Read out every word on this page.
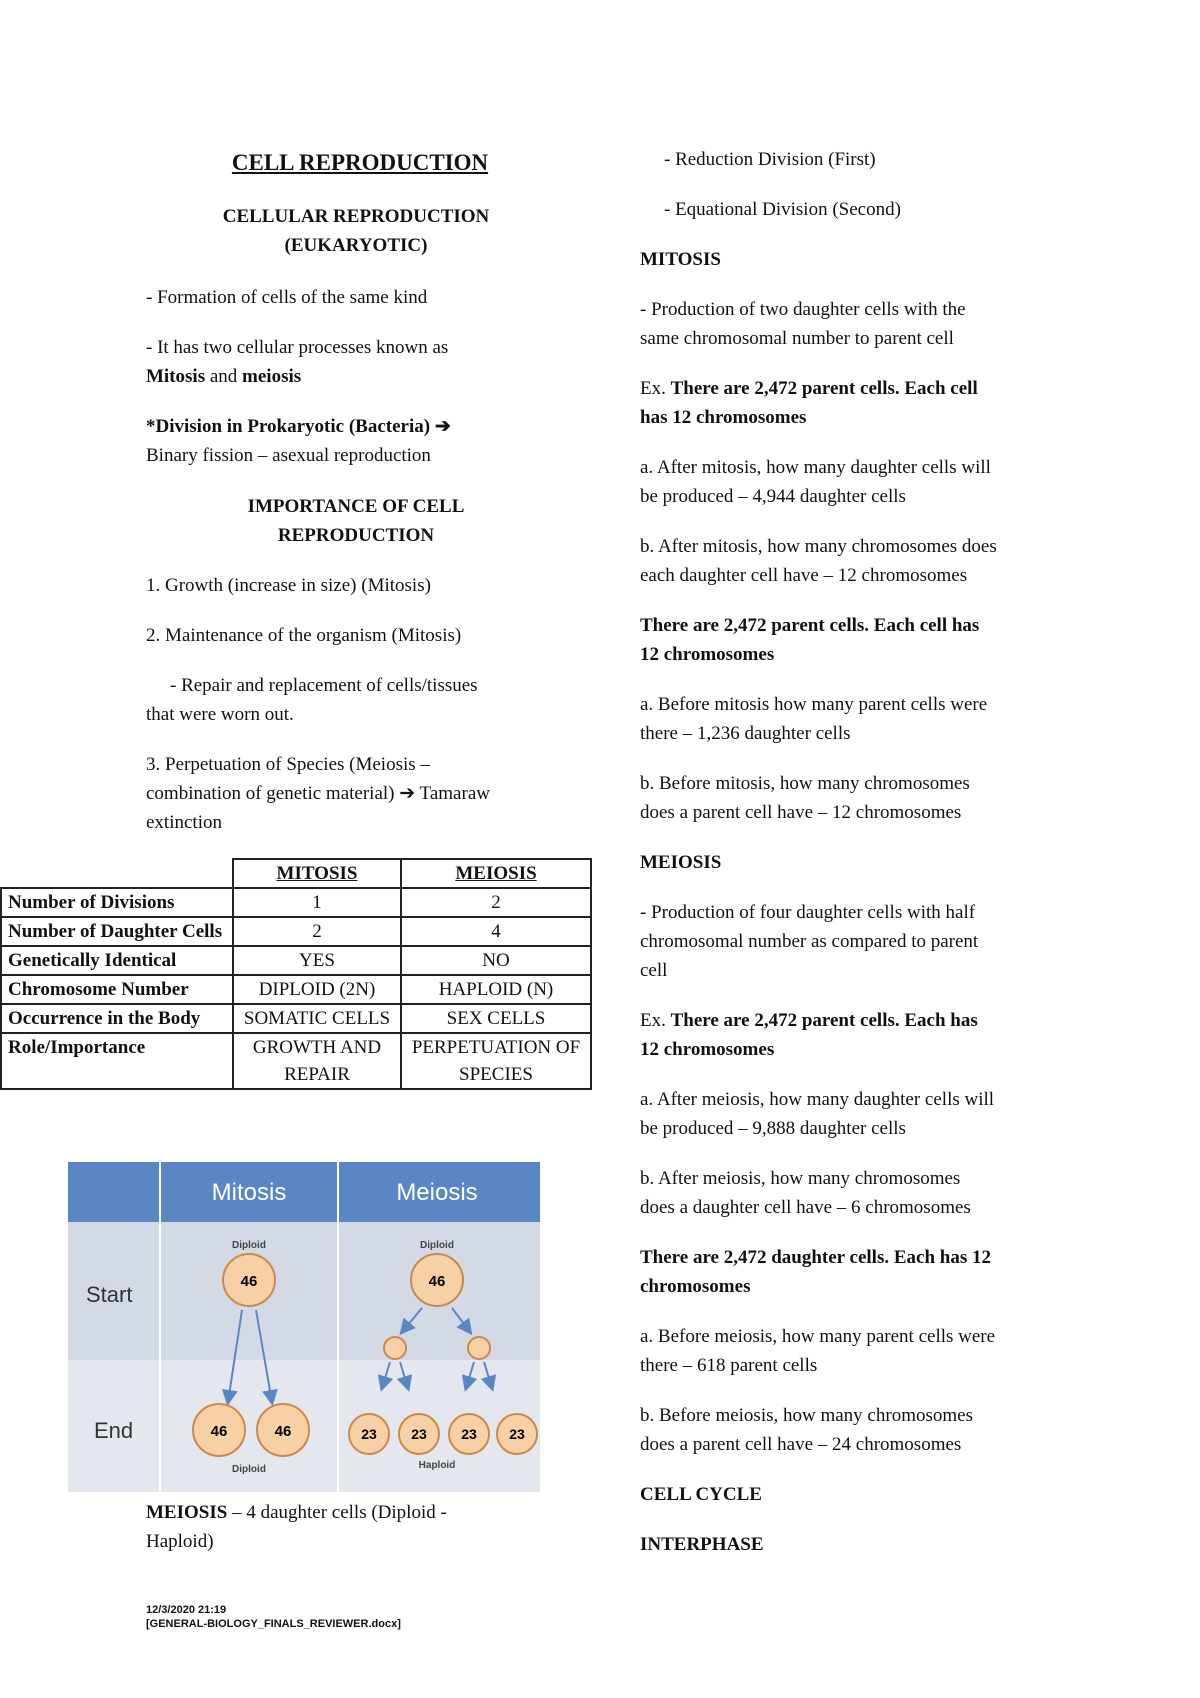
CELL REPRODUCTION
CELLULAR REPRODUCTION
(EUKARYOTIC)
- Formation of cells of the same kind
- It has two cellular processes known as
Mitosis and meiosis
*Division in Prokaryotic (Bacteria) ➔
Binary fission – asexual reproduction
IMPORTANCE OF CELL
REPRODUCTION
1. Growth (increase in size) (Mitosis)
2. Maintenance of the organism (Mitosis)
- Repair and replacement of cells/tissues
that were worn out.
3. Perpetuation of Species (Meiosis –
combination of genetic material) ➔ Tamaraw
extinction
	MITOSIS	MEIOSIS
Number of Divisions	1	2
Number of Daughter Cells	2	4
Genetically Identical	YES	NO
Chromosome Number	DIPLOID (2N)	HAPLOID (N)
Occurrence in the Body	SOMATIC CELLS	SEX CELLS
Role/Importance	GROWTH AND REPAIR	PERPETUATION OF SPECIES
Mitosis	Meiosis
Start
End
Diploid
46
46	46
Diploid
Diploid
46
23 23 23 23
Haploid
MEIOSIS – 4 daughter cells (Diploid -
Haploid)
12/3/2020 21:19
[GENERAL-BIOLOGY_FINALS_REVIEWER.docx]
- Reduction Division (First)
- Equational Division (Second)
MITOSIS
- Production of two daughter cells with the
same chromosomal number to parent cell
Ex. There are 2,472 parent cells. Each cell
has 12 chromosomes
a. After mitosis, how many daughter cells will
be produced – 4,944 daughter cells
b. After mitosis, how many chromosomes does
each daughter cell have – 12 chromosomes
There are 2,472 parent cells. Each cell has
12 chromosomes
a. Before mitosis how many parent cells were
there – 1,236 daughter cells
b. Before mitosis, how many chromosomes
does a parent cell have – 12 chromosomes
MEIOSIS
- Production of four daughter cells with half
chromosomal number as compared to parent
cell
Ex. There are 2,472 parent cells. Each has
12 chromosomes
a. After meiosis, how many daughter cells will
be produced – 9,888 daughter cells
b. After meiosis, how many chromosomes
does a daughter cell have – 6 chromosomes
There are 2,472 daughter cells. Each has 12
chromosomes
a. Before meiosis, how many parent cells were
there – 618 parent cells
b. Before meiosis, how many chromosomes
does a parent cell have – 24 chromosomes
CELL CYCLE
INTERPHASE
